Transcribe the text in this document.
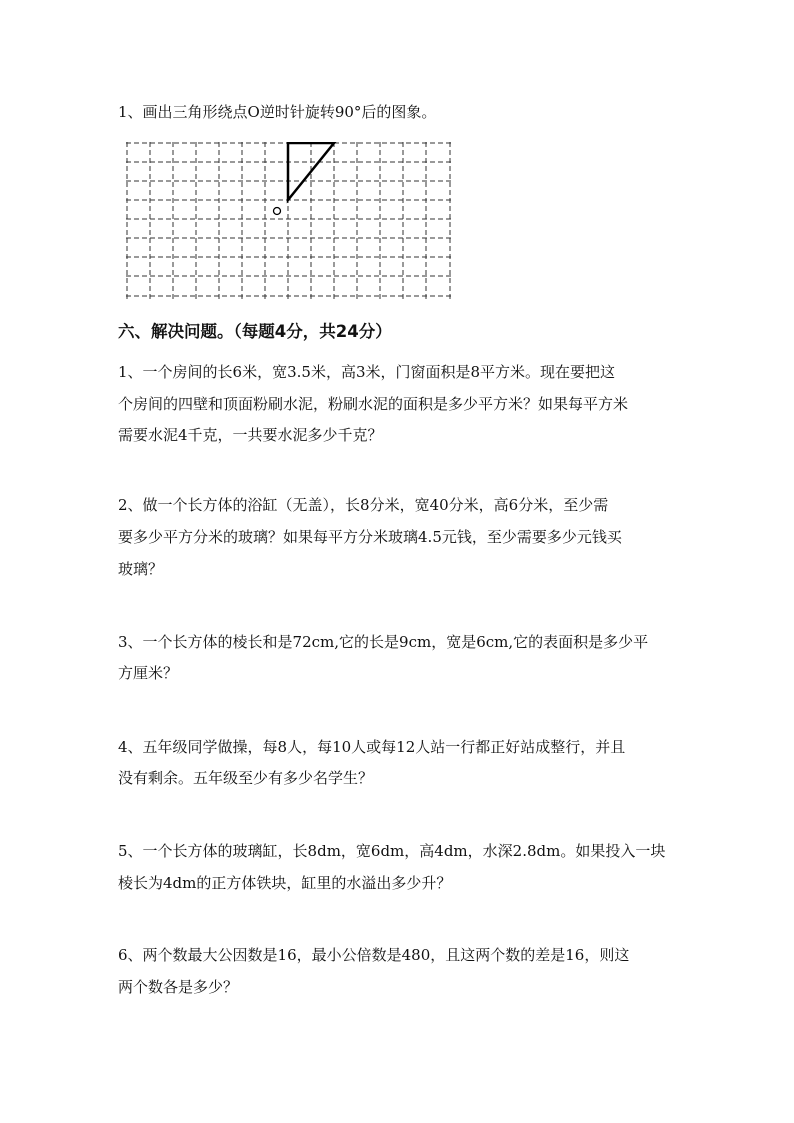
1、画出三角形绕点O逆时针旋转90°后的图象。
六、解决问题。（每题4分，共24分）
1、一个房间的长6米，宽3.5米，高3米，门窗面积是8平方米。现在要把这
个房间的四壁和顶面粉刷水泥，粉刷水泥的面积是多少平方米？如果每平方米
需要水泥4千克，一共要水泥多少千克？
2、做一个长方体的浴缸（无盖），长8分米，宽40分米，高6分米，至少需
要多少平方分米的玻璃？如果每平方分米玻璃4.5元钱，至少需要多少元钱买
玻璃？
3、一个长方体的棱长和是72cm,它的长是9cm，宽是6cm,它的表面积是多少平
方厘米？
4、五年级同学做操，每8人，每10人或每12人站一行都正好站成整行，并且
没有剩余。五年级至少有多少名学生？
5、一个长方体的玻璃缸，长8dm，宽6dm，高4dm，水深2.8dm。如果投入一块
棱长为4dm的正方体铁块，缸里的水溢出多少升？
6、两个数最大公因数是16，最小公倍数是480，且这两个数的差是16，则这
两个数各是多少？
